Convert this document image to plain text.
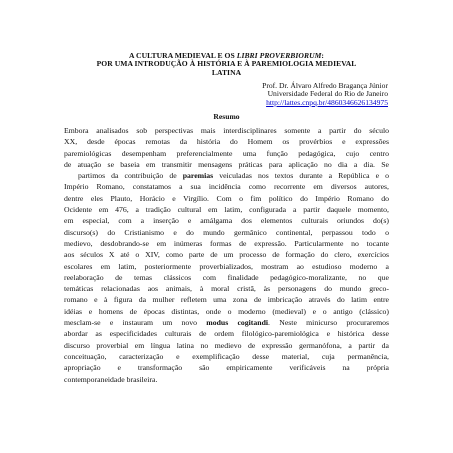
A CULTURA MEDIEVAL E OS LIBRI PROVERBIORUM:
POR UMA INTRODUÇÃO À HISTÓRIA E À PAREMIOLOGIA MEDIEVAL
LATINA
Prof. Dr. Álvaro Alfredo Bragança Júnior
Universidade Federal do Rio de Janeiro
http://lattes.cnpq.br/4860346626134975
Resumo
Embora analisados sob perspectivas mais interdisciplinares somente a partir do século
XX, desde épocas remotas da história do Homem os provérbios e expressões
paremiológicas desempenham preferencialmente uma função pedagógica, cujo centro
de atuação se baseia em transmitir mensagens práticas para aplicação no dia a dia. Se
partimos da contribuição de paremias veiculadas nos textos durante a República e o
Império Romano, constatamos a sua incidência como recorrente em diversos autores,
dentre eles Plauto, Horácio e Virgílio. Com o fim político do Império Romano do
Ocidente em 476, a tradição cultural em latim, configurada a partir daquele momento,
em especial, com a inserção e amálgama dos elementos culturais oriundos do(s)
discurso(s) do Cristianismo e do mundo germânico continental, perpassou todo o
medievo, desdobrando-se em inúmeras formas de expressão. Particularmente no tocante
aos séculos X até o XIV, como parte de um processo de formação do clero, exercícios
escolares em latim, posteriormente proverbializados, mostram ao estudioso moderno a
reelaboração de temas clássicos com finalidade pedagógico-moralizante, no que
temáticas relacionadas aos animais, à moral cristã, às personagens do mundo greco-
romano e à figura da mulher refletem uma zona de imbricação através do latim entre
idéias e homens de épocas distintas, onde o moderno (medieval) e o antigo (clássico)
mesclam-se e instauram um novo modus cogitandi. Neste minicurso procuraremos
abordar as especificidades culturais de ordem filológico-paremiológica e histórica desse
discurso proverbial em língua latina no medievo de expressão germanófona, a partir da
conceituação, caracterização e exemplificação desse material, cuja permanência,
apropriação e transformação são empiricamente verificáveis na própria
contemporaneidade brasileira.
